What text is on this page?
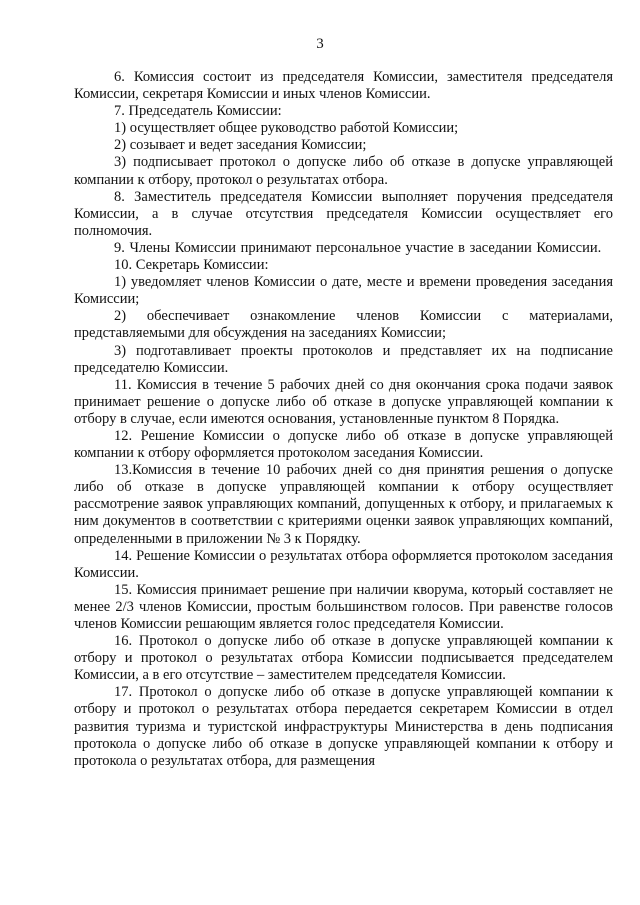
3

6. Комиссия состоит из председателя Комиссии, заместителя председателя Комиссии, секретаря Комиссии и иных членов Комиссии.

7. Председатель Комиссии:

1) осуществляет общее руководство работой Комиссии;

2) созывает и ведет заседания Комиссии;

3) подписывает протокол о допуске либо об отказе в допуске управляющей компании к отбору, протокол о результатах отбора.

8. Заместитель председателя Комиссии выполняет поручения председателя Комиссии, а в случае отсутствия председателя Комиссии осуществляет его полномочия.

9. Члены Комиссии принимают персональное участие в заседании Комиссии.

10. Секретарь Комиссии:

1) уведомляет членов Комиссии о дате, месте и времени проведения заседания Комиссии;

2) обеспечивает ознакомление членов Комиссии с материалами, представляемыми для обсуждения на заседаниях Комиссии;

3) подготавливает проекты протоколов и представляет их на подписание председателю Комиссии.

11. Комиссия в течение 5 рабочих дней со дня окончания срока подачи заявок принимает решение о допуске либо об отказе в допуске управляющей компании к отбору в случае, если имеются основания, установленные пунктом 8 Порядка.

12. Решение Комиссии о допуске либо об отказе в допуске управляющей компании к отбору оформляется протоколом заседания Комиссии.

13.Комиссия в течение 10 рабочих дней со дня принятия решения о допуске либо об отказе в допуске управляющей компании к отбору осуществляет рассмотрение заявок управляющих компаний, допущенных к отбору, и прилагаемых к ним документов в соответствии с критериями оценки заявок управляющих компаний, определенными в приложении № 3 к Порядку.

14. Решение Комиссии о результатах отбора оформляется протоколом заседания Комиссии.

15. Комиссия принимает решение при наличии кворума, который составляет не менее 2/3 членов Комиссии, простым большинством голосов. При равенстве голосов членов Комиссии решающим является голос председателя Комиссии.

16. Протокол о допуске либо об отказе в допуске управляющей компании к отбору и протокол о результатах отбора Комиссии подписывается председателем Комиссии, а в его отсутствие – заместителем председателя Комиссии.

17. Протокол о допуске либо об отказе в допуске управляющей компании к отбору и протокол о результатах отбора передается секретарем Комиссии в отдел развития туризма и туристской инфраструктуры Министерства в день подписания протокола о допуске либо об отказе в допуске управляющей компании к отбору и протокола о результатах отбора, для размещения
